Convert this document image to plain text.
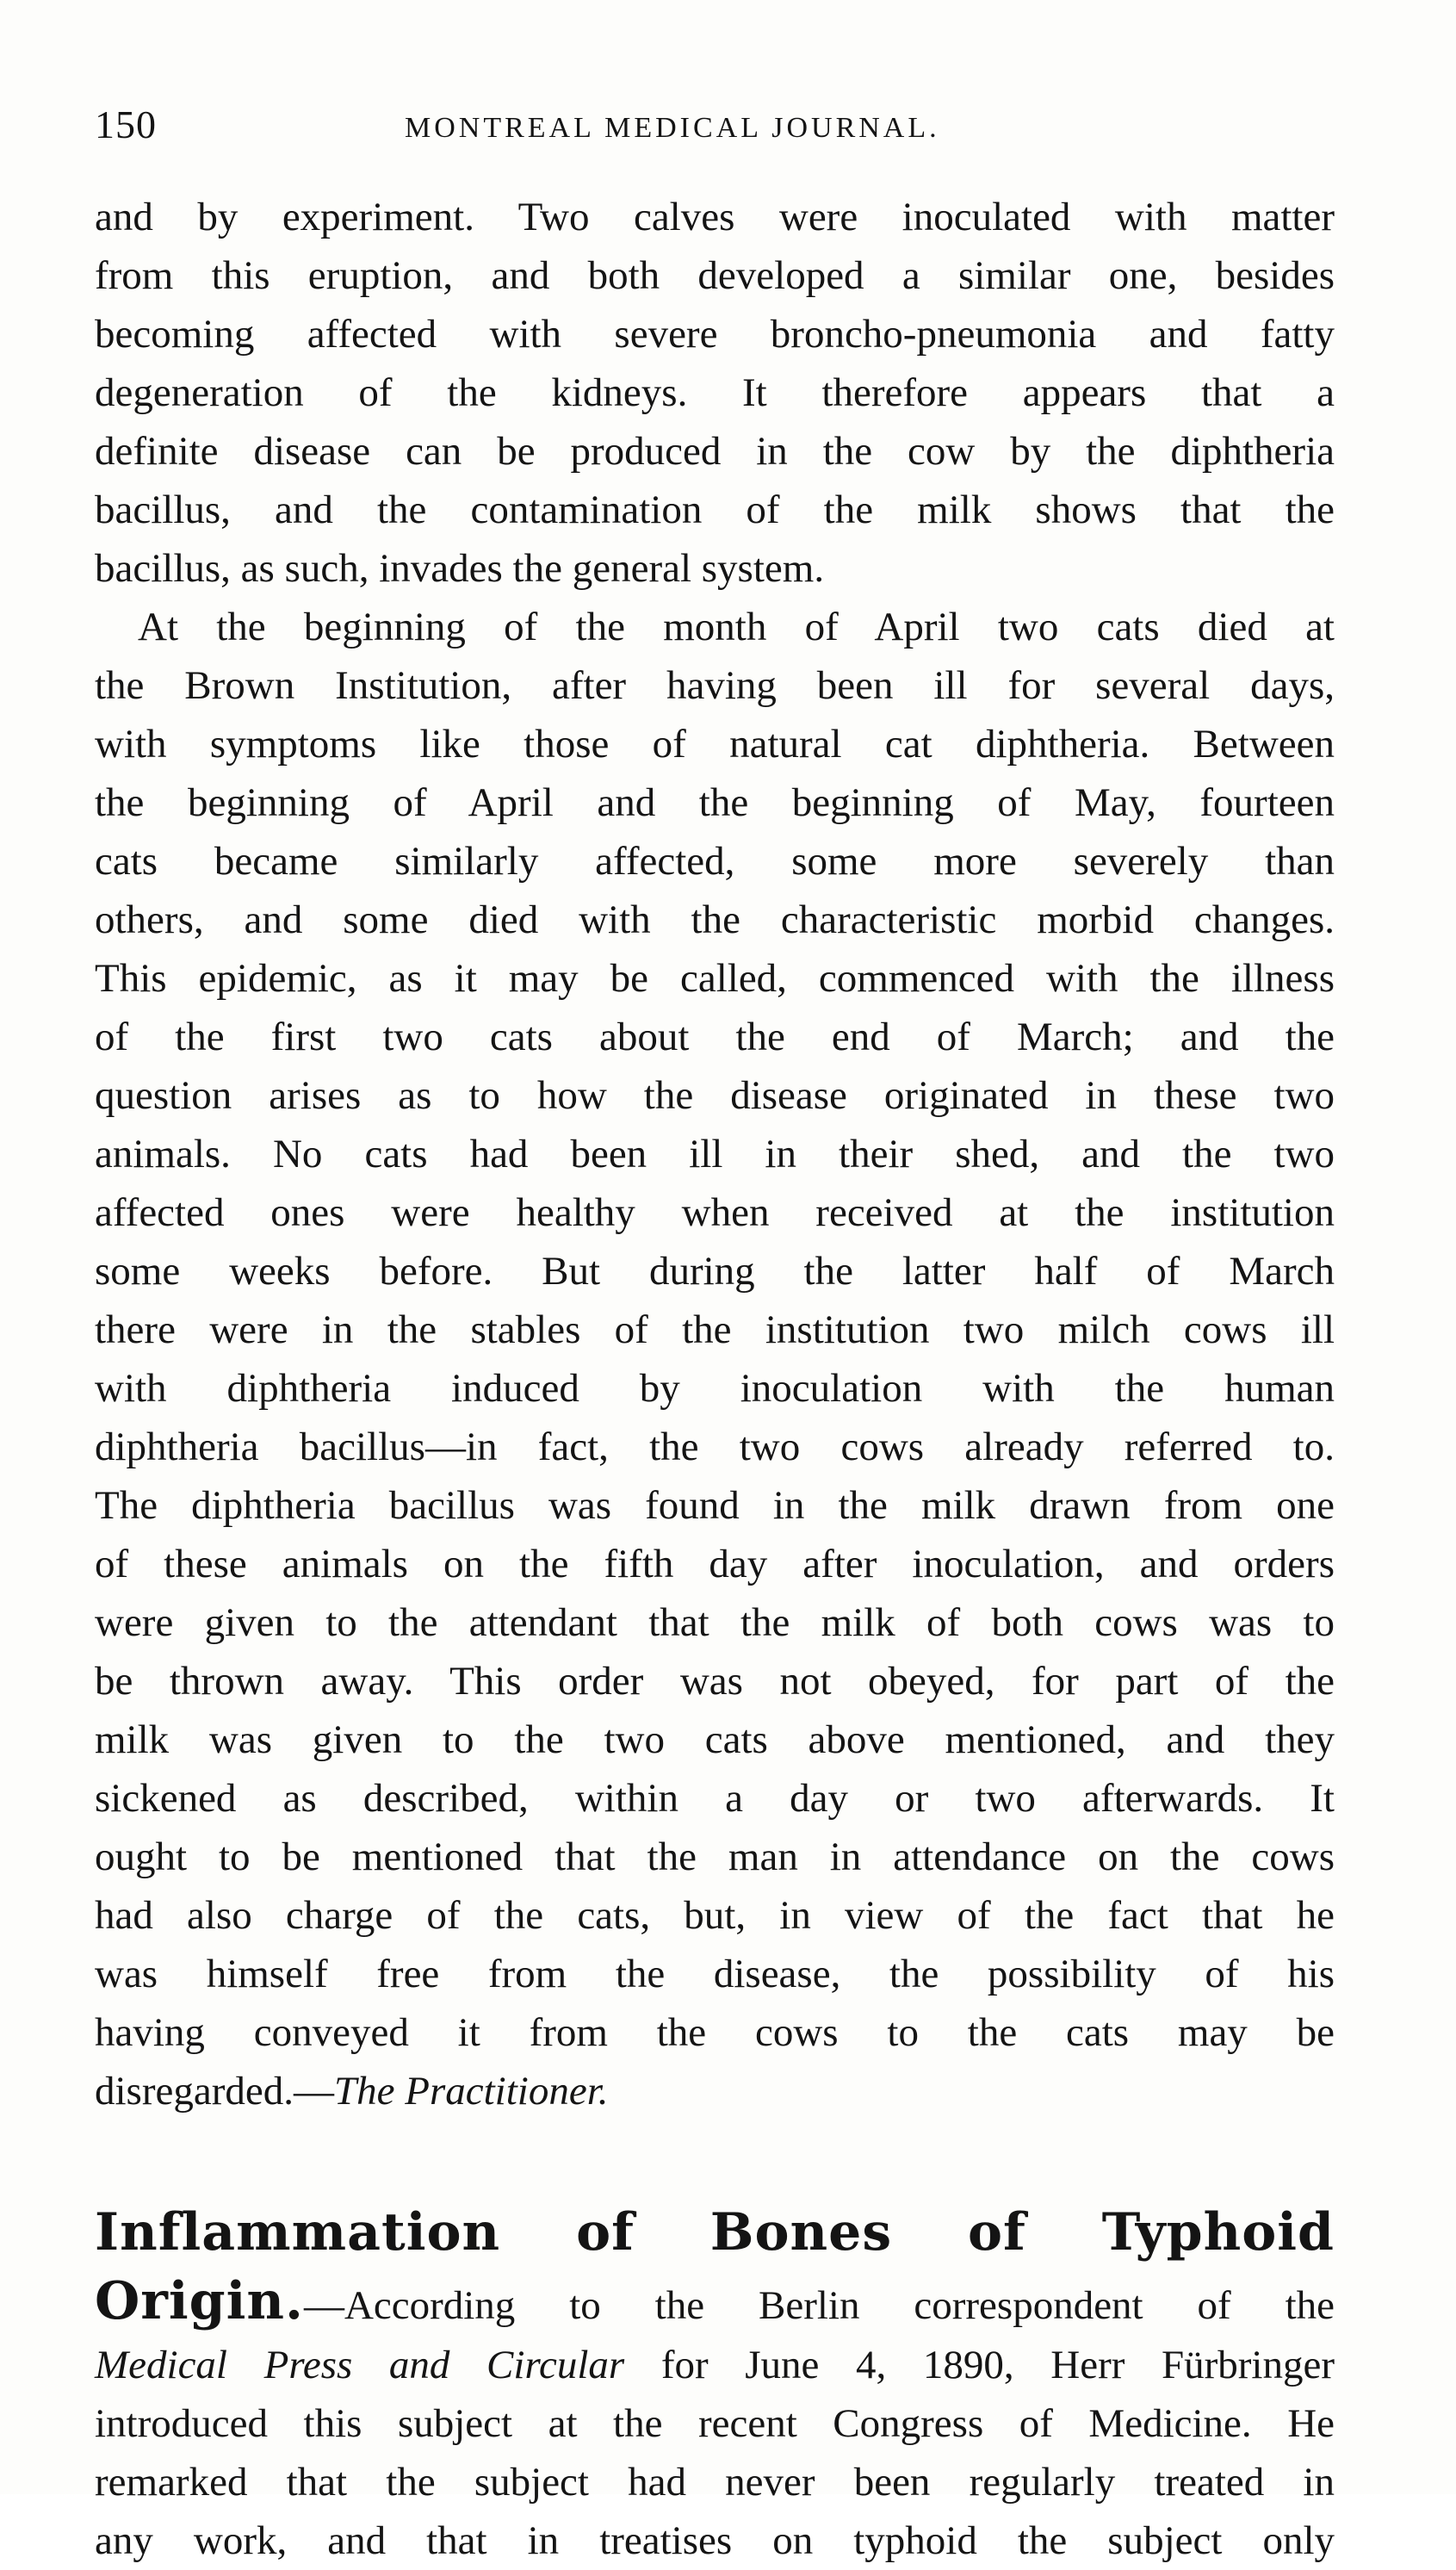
150	MONTREAL MEDICAL JOURNAL.
and by experiment. Two calves were inoculated with matter
from this eruption, and both developed a similar one, besides
becoming affected with severe broncho-pneumonia and fatty
degeneration of the kidneys. It therefore appears that a
definite disease can be produced in the cow by the diphtheria
bacillus, and the contamination of the milk shows that the
bacillus, as such, invades the general system.
At the beginning of the month of April two cats died at
the Brown Institution, after having been ill for several days,
with symptoms like those of natural cat diphtheria. Between
the beginning of April and the beginning of May, fourteen
cats became similarly affected, some more severely than
others, and some died with the characteristic morbid changes.
This epidemic, as it may be called, commenced with the illness
of the first two cats about the end of March; and the
question arises as to how the disease originated in these two
animals. No cats had been ill in their shed, and the two
affected ones were healthy when received at the institution
some weeks before. But during the latter half of March
there were in the stables of the institution two milch cows ill
with diphtheria induced by inoculation with the human
diphtheria bacillus—in fact, the two cows already referred to.
The diphtheria bacillus was found in the milk drawn from one
of these animals on the fifth day after inoculation, and orders
were given to the attendant that the milk of both cows was to
be thrown away. This order was not obeyed, for part of the
milk was given to the two cats above mentioned, and they
sickened as described, within a day or two afterwards. It
ought to be mentioned that the man in attendance on the cows
had also charge of the cats, but, in view of the fact that he
was himself free from the disease, the possibility of his
having conveyed it from the cows to the cats may be
disregarded.—The Practitioner.
Inflammation of Bones of Typhoid
Origin.—According to the Berlin correspondent of the
Medical Press and Circular for June 4, 1890, Herr Fürbringer
introduced this subject at the recent Congress of Medicine. He
remarked that the subject had never been regularly treated in
any work, and that in treatises on typhoid the subject only
